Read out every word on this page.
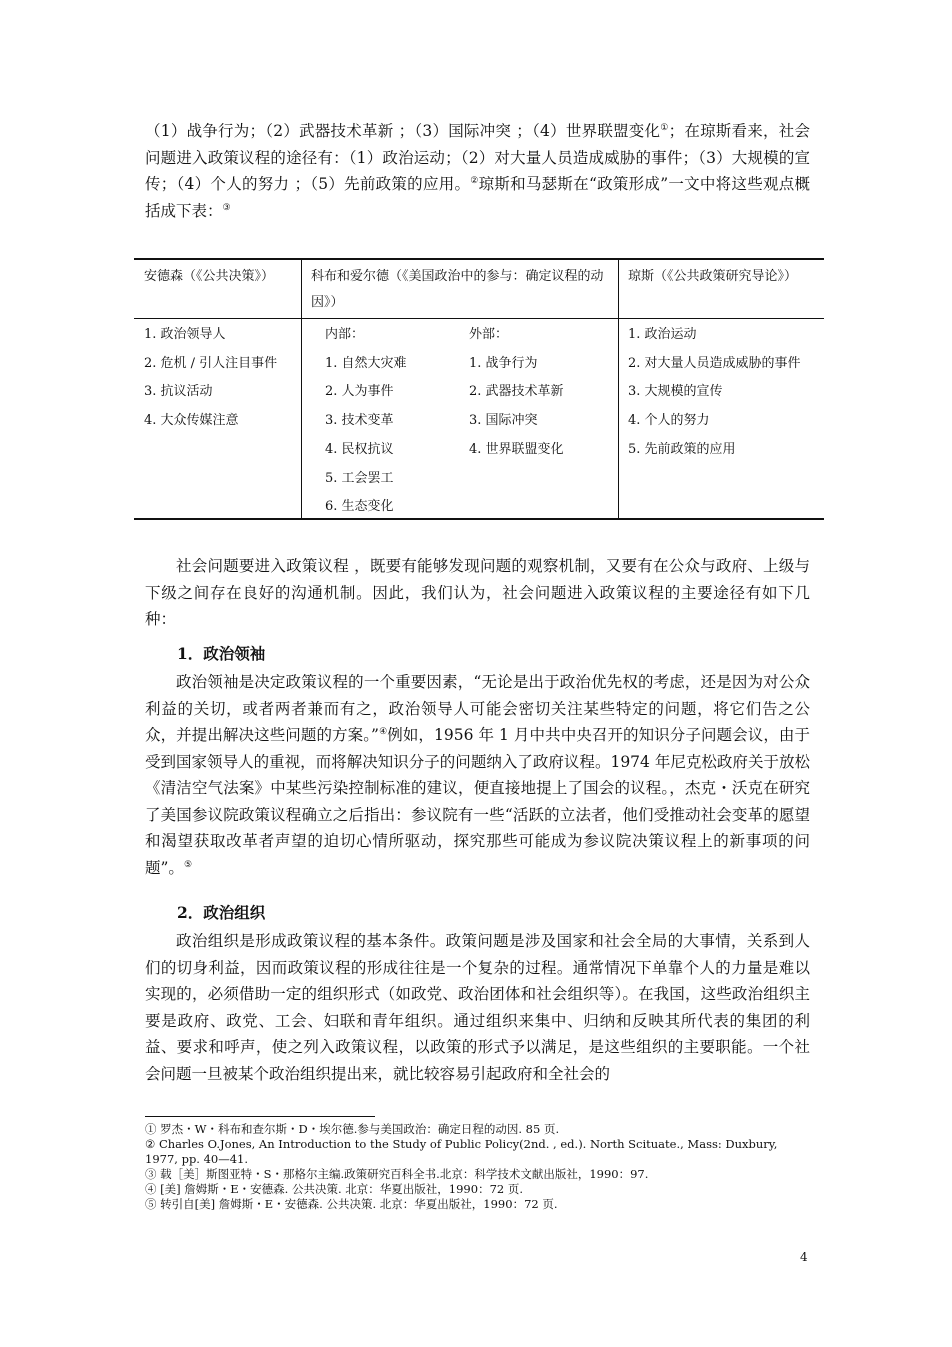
（1）战争行为；（2）武器技术革新 ；（3）国际冲突 ；（4）世界联盟变化①；在琼斯看来，社会问题进入政策议程的途径有：（1）政治运动；（2）对大量人员造成威胁的事件；（3）大规模的宣传；（4）个人的努力 ；（5）先前政策的应用。②琼斯和马瑟斯在“政策形成”一文中将这些观点概括成下表：③

安德森（《公共决策》）	科布和爱尔德（《美国政治中的参与：确定议程的动因》）
琼斯（《公共政策研究导论》）
1. 政治领导人
2. 危机 / 引人注目事件
3. 抗议活动
4. 大众传媒注意
内部：
1. 自然大灾难
2. 人为事件
3. 技术变革
4. 民权抗议
5. 工会罢工
6. 生态变化
外部：
1. 战争行为
2. 武器技术革新
3. 国际冲突
4. 世界联盟变化
1. 政治运动
2. 对大量人员造成威胁的事件
3. 大规模的宣传
4. 个人的努力
5. 先前政策的应用

社会问题要进入政策议程 ，既要有能够发现问题的观察机制，又要有在公众与政府、上级与下级之间存在良好的沟通机制。因此，我们认为，社会问题进入政策议程的主要途径有如下几种：

1．政治领袖

政治领袖是决定政策议程的一个重要因素，“无论是出于政治优先权的考虑，还是因为对公众利益的关切，或者两者兼而有之，政治领导人可能会密切关注某些特定的问题，将它们告之公众，并提出解决这些问题的方案。”④例如，1956 年 1 月中共中央召开的知识分子问题会议，由于受到国家领导人的重视，而将解决知识分子的问题纳入了政府议程。1974 年尼克松政府关于放松《清洁空气法案》中某些污染控制标准的建议，便直接地提上了国会的议程。，杰克・沃克在研究了美国参议院政策议程确立之后指出：参议院有一些“活跃的立法者，他们受推动社会变革的愿望和渴望获取改革者声望的迫切心情所驱动，探究那些可能成为参议院决策议程上的新事项的问题”。⑤

2．政治组织

政治组织是形成政策议程的基本条件。政策问题是涉及国家和社会全局的大事情，关系到人们的切身利益，因而政策议程的形成往往是一个复杂的过程。通常情况下单靠个人的力量是难以实现的，必须借助一定的组织形式（如政党、政治团体和社会组织等）。在我国，这些政治组织主要是政府、政党、工会、妇联和青年组织。通过组织来集中、归纳和反映其所代表的集团的利益、要求和呼声，使之列入政策议程，以政策的形式予以满足，是这些组织的主要职能。一个社会问题一旦被某个政治组织提出来，就比较容易引起政府和全社会的

① 罗杰・W・科布和查尔斯・D・埃尔德.参与美国政治：确定日程的动因. 85 页.
② Charles O.Jones, An Introduction to the Study of Public Policy(2nd. , ed.). North Scituate., Mass: Duxbury,
1977, pp. 40—41.
③ 载［美］斯图亚特・S・那格尔主编.政策研究百科全书.北京：科学技术文献出版社，1990：97.
④ [美] 詹姆斯・E・安德森. 公共决策. 北京：华夏出版社，1990：72 页.
⑤ 转引自[美] 詹姆斯・E・安德森. 公共决策. 北京：华夏出版社，1990：72 页.
4
